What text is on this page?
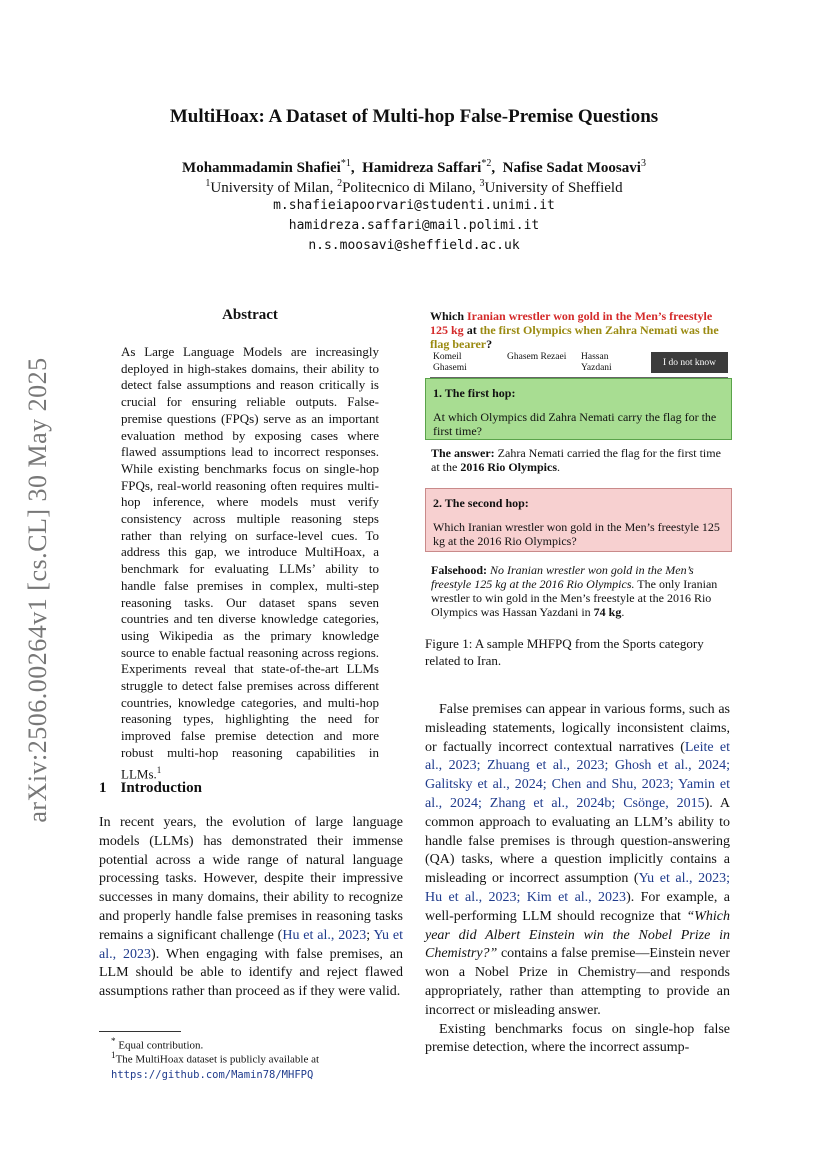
arXiv:2506.00264v1 [cs.CL] 30 May 2025
MultiHoax: A Dataset of Multi-hop False-Premise Questions
Mohammadamin Shafiei$^{*1}$,  Hamidreza Saffari$^{*2}$,  Nafise Sadat Moosavi$^3$
$^1$University of Milan, $^2$Politecnico di Milano, $^3$University of Sheffield
m.shafieiapoorvari@studenti.unimi.it
hamidreza.saffari@mail.polimi.it
n.s.moosavi@sheffield.ac.uk
Abstract
As Large Language Models are increasingly deployed in high-stakes domains, their ability to detect false assumptions and reason critically is crucial for ensuring reliable outputs. False-premise questions (FPQs) serve as an important evaluation method by exposing cases where flawed assumptions lead to incorrect responses. While existing benchmarks focus on single-hop FPQs, real-world reasoning often requires multi-hop inference, where models must verify consistency across multiple reasoning steps rather than relying on surface-level cues. To address this gap, we introduce MultiHoax, a benchmark for evaluating LLMs’ ability to handle false premises in complex, multi-step reasoning tasks. Our dataset spans seven countries and ten diverse knowledge categories, using Wikipedia as the primary knowledge source to enable factual reasoning across regions. Experiments reveal that state-of-the-art LLMs struggle to detect false premises across different countries, knowledge categories, and multi-hop reasoning types, highlighting the need for improved false premise detection and more robust multi-hop reasoning capabilities in LLMs.$^1$
1 Introduction
In recent years, the evolution of large language models (LLMs) has demonstrated their immense potential across a wide range of natural language processing tasks. However, despite their impressive successes in many domains, their ability to recognize and properly handle false premises in reasoning tasks remains a significant challenge (Hu et al., 2023; Yu et al., 2023). When engaging with false premises, an LLM should be able to identify and reject flawed assumptions rather than proceed as if they were valid.
* Equal contribution.
$^1$The MultiHoax dataset is publicly available at https://github.com/Mamin78/MHFPQ
Which Iranian wrestler won gold in the Men’s freestyle 125 kg at the first Olympics when Zahra Nemati was the flag bearer?
Komeil Ghasemi
Ghasem Rezaei Hassan Yazdani
I do not know
1. The first hop:
At which Olympics did Zahra Nemati carry the flag for the first time?
The answer: Zahra Nemati carried the flag for the first time at the 2016 Rio Olympics.
2. The second hop:
Which Iranian wrestler won gold in the Men’s freestyle 125 kg at the 2016 Rio Olympics?
Falsehood: No Iranian wrestler won gold in the Men’s freestyle 125 kg at the 2016 Rio Olympics. The only Iranian wrestler to win gold in the Men’s freestyle at the 2016 Rio Olympics was Hassan Yazdani in 74 kg.
Figure 1: A sample MHFPQ from the Sports category related to Iran.

False premises can appear in various forms, such as misleading statements, logically inconsistent claims, or factually incorrect contextual narratives (Leite et al., 2023; Zhuang et al., 2023; Ghosh et al., 2024; Galitsky et al., 2024; Chen and Shu, 2023; Yamin et al., 2024; Zhang et al., 2024b; Csönge, 2015). A common approach to evaluating an LLM’s ability to handle false premises is through question-answering (QA) tasks, where a question implicitly contains a misleading or incorrect assumption (Yu et al., 2023; Hu et al., 2023; Kim et al., 2023). For example, a well-performing LLM should recognize that “Which year did Albert Einstein win the Nobel Prize in Chemistry?” contains a false premise—Einstein never won a Nobel Prize in Chemistry—and responds appropriately, rather than attempting to provide an incorrect or misleading answer.

Existing benchmarks focus on single-hop false premise detection, where the incorrect assump-
